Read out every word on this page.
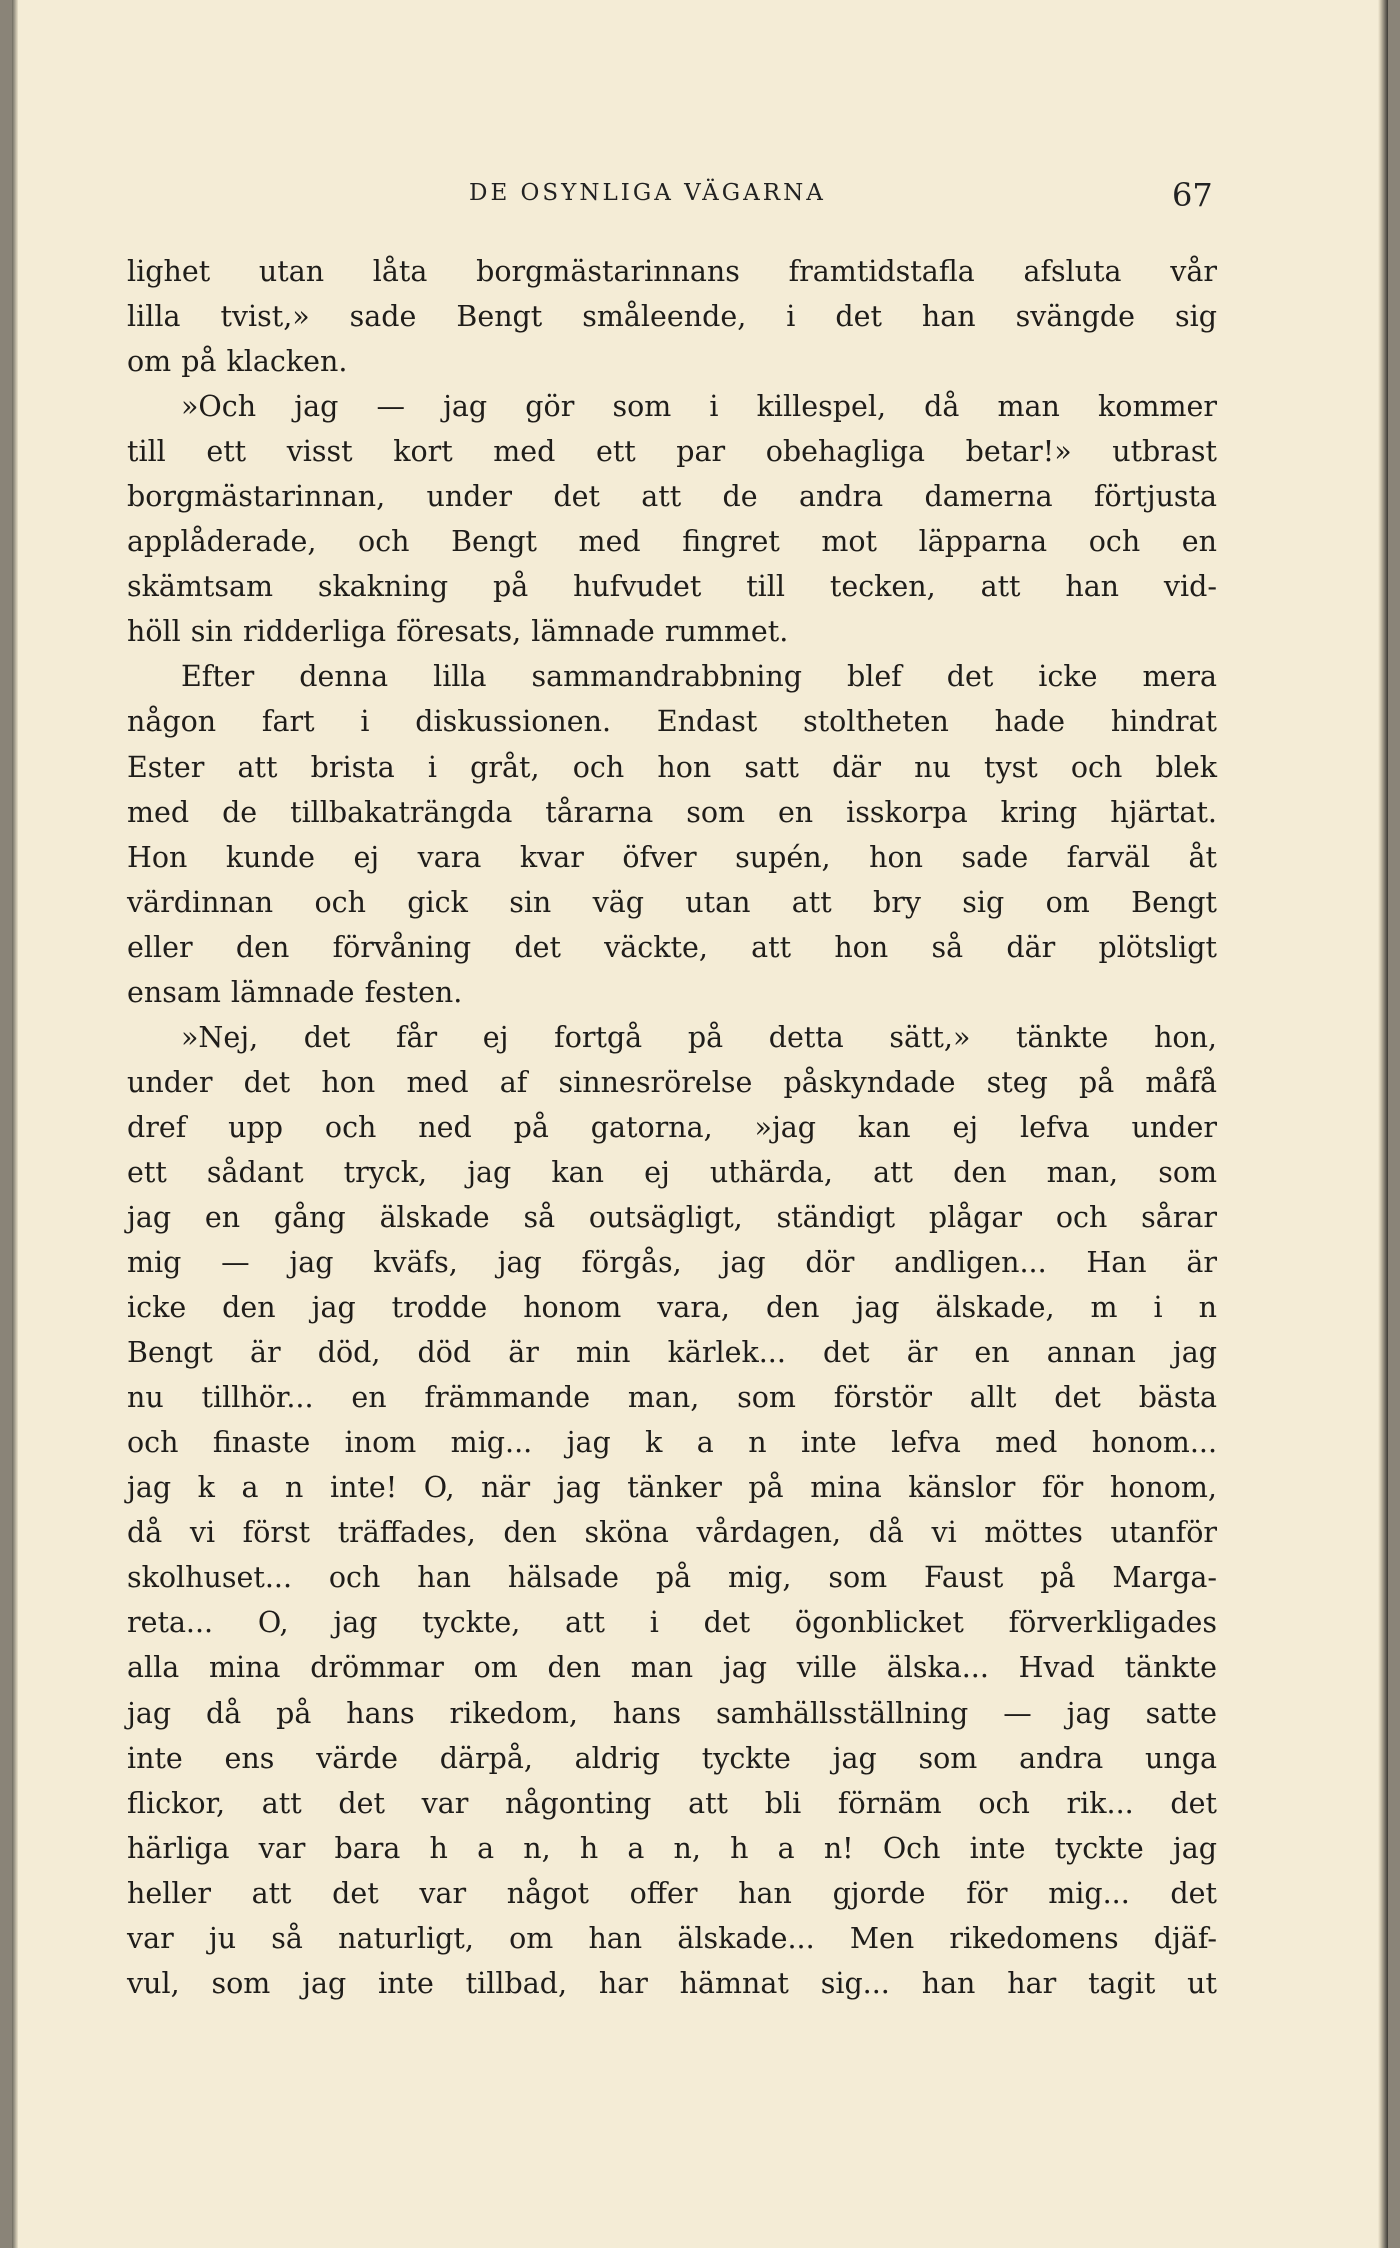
DE OSYNLIGA VÄGARNA	67
lighet utan låta borgmästarinnans framtidstafla afsluta vår
lilla tvist,» sade Bengt småleende, i det han svängde sig
om på klacken.
»Och jag — jag gör som i killespel, då man kommer
till ett visst kort med ett par obehagliga betar!» utbrast
borgmästarinnan, under det att de andra damerna förtjusta
applåderade, och Bengt med fingret mot läpparna och en
skämtsam skakning på hufvudet till tecken, att han vid-
höll sin ridderliga föresats, lämnade rummet.
Efter denna lilla sammandrabbning blef det icke mera
någon fart i diskussionen. Endast stoltheten hade hindrat
Ester att brista i gråt, och hon satt där nu tyst och blek
med de tillbakaträngda tårarna som en isskorpa kring hjärtat.
Hon kunde ej vara kvar öfver supén, hon sade farväl åt
värdinnan och gick sin väg utan att bry sig om Bengt
eller den förvåning det väckte, att hon så där plötsligt
ensam lämnade festen.
»Nej, det får ej fortgå på detta sätt,» tänkte hon,
under det hon med af sinnesrörelse påskyndade steg på måfå
dref upp och ned på gatorna, »jag kan ej lefva under
ett sådant tryck, jag kan ej uthärda, att den man, som
jag en gång älskade så outsägligt, ständigt plågar och sårar
mig — jag kväfs, jag förgås, jag dör andligen... Han är
icke den jag trodde honom vara, den jag älskade, m i n
Bengt är död, död är min kärlek... det är en annan jag
nu tillhör... en främmande man, som förstör allt det bästa
och finaste inom mig... jag k a n inte lefva med honom...
jag k a n inte! O, när jag tänker på mina känslor för honom,
då vi först träffades, den sköna vårdagen, då vi möttes utanför
skolhuset... och han hälsade på mig, som Faust på Marga-
reta... O, jag tyckte, att i det ögonblicket förverkligades
alla mina drömmar om den man jag ville älska... Hvad tänkte
jag då på hans rikedom, hans samhällsställning — jag satte
inte ens värde därpå, aldrig tyckte jag som andra unga
flickor, att det var någonting att bli förnäm och rik... det
härliga var bara h a n, h a n, h a n! Och inte tyckte jag
heller att det var något offer han gjorde för mig... det
var ju så naturligt, om han älskade... Men rikedomens djäf-
vul, som jag inte tillbad, har hämnat sig... han har tagit ut
